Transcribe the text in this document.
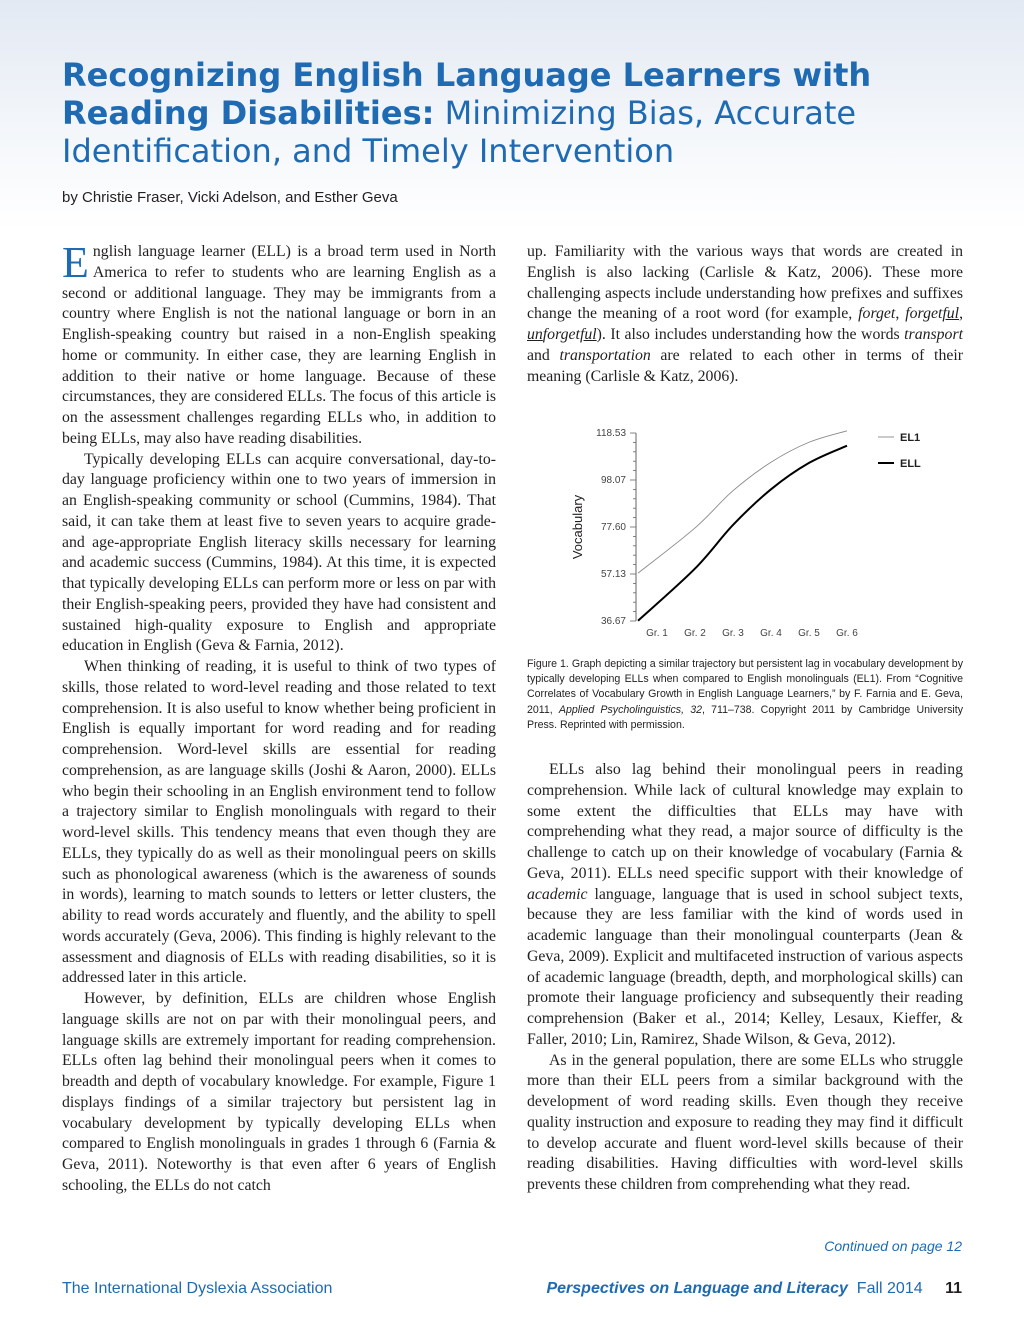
Recognizing English Language Learners with
Reading Disabilities: Minimizing Bias, Accurate
Identification, and Timely Intervention
by Christie Fraser, Vicki Adelson, and Esther Geva

English language learner (ELL) is a broad term used in North America to refer to students who are learning English as a second or additional language. They may be immigrants from a country where English is not the national language or born in an English-speaking country but raised in a non-English speaking home or community. In either case, they are learning English in addition to their native or home language. Because of these circumstances, they are considered ELLs. The focus of this article is on the assessment challenges regarding ELLs who, in addition to being ELLs, may also have reading disabilities.

Typically developing ELLs can acquire conversational, day-to-day language proficiency within one to two years of immersion in an English-speaking community or school (Cummins, 1984). That said, it can take them at least five to seven years to acquire grade- and age-appropriate English literacy skills necessary for learning and academic success (Cummins, 1984). At this time, it is expected that typically developing ELLs can perform more or less on par with their English-speaking peers, provided they have had consistent and sustained high-quality exposure to English and appropriate education in English (Geva & Farnia, 2012).

When thinking of reading, it is useful to think of two types of skills, those related to word-level reading and those related to text comprehension. It is also useful to know whether being proficient in English is equally important for word reading and for reading comprehension. Word-level skills are essential for reading comprehension, as are language skills (Joshi & Aaron, 2000). ELLs who begin their schooling in an English environment tend to follow a trajectory similar to English monolinguals with regard to their word-level skills. This tendency means that even though they are ELLs, they typically do as well as their monolingual peers on skills such as phonological awareness (which is the awareness of sounds in words), learning to match sounds to letters or letter clusters, the ability to read words accurately and fluently, and the ability to spell words accurately (Geva, 2006). This finding is highly relevant to the assessment and diagnosis of ELLs with reading disabilities, so it is addressed later in this article.

However, by definition, ELLs are children whose English language skills are not on par with their monolingual peers, and language skills are extremely important for reading comprehension. ELLs often lag behind their monolingual peers when it comes to breadth and depth of vocabulary knowledge. For example, Figure 1 displays findings of a similar trajectory but persistent lag in vocabulary development by typically developing ELLs when compared to English monolinguals in grades 1 through 6 (Farnia & Geva, 2011). Noteworthy is that even after 6 years of English schooling, the ELLs do not catch

up. Familiarity with the various ways that words are created in English is also lacking (Carlisle & Katz, 2006). These more challenging aspects include understanding how prefixes and suffixes change the meaning of a root word (for example, forget, forgetful, unforgetful). It also includes understanding how the words transport and transportation are related to each other in terms of their meaning (Carlisle & Katz, 2006).

118.53
98.07
77.60
57.13
36.67
Gr. 1 Gr. 2 Gr. 3 Gr. 4 Gr. 5 Gr. 6
Vocabulary
EL1
ELL
Figure 1. Graph depicting a similar trajectory but persistent lag in vocabulary development by typically developing ELLs when compared to English monolinguals (EL1). From “Cognitive Correlates of Vocabulary Growth in English Language Learners,” by F. Farnia and E. Geva, 2011, Applied Psycholinguistics, 32, 711–738. Copyright 2011 by Cambridge University Press. Reprinted with permission.

ELLs also lag behind their monolingual peers in reading comprehension. While lack of cultural knowledge may explain to some extent the difficulties that ELLs may have with comprehending what they read, a major source of difficulty is the challenge to catch up on their knowledge of vocabulary (Farnia & Geva, 2011). ELLs need specific support with their knowledge of academic language, language that is used in school subject texts, because they are less familiar with the kind of words used in academic language than their monolingual counterparts (Jean & Geva, 2009). Explicit and multifaceted instruction of various aspects of academic language (breadth, depth, and morphological skills) can promote their language proficiency and subsequently their reading comprehension (Baker et al., 2014; Kelley, Lesaux, Kieffer, & Faller, 2010; Lin, Ramirez, Shade Wilson, & Geva, 2012).

As in the general population, there are some ELLs who struggle more than their ELL peers from a similar background with the development of word reading skills. Even though they receive quality instruction and exposure to reading they may find it difficult to develop accurate and fluent word-level skills because of their reading disabilities. Having difficulties with word-level skills prevents these children from comprehending what they read.

Continued on page 12
The International Dyslexia Association	Perspectives on Language and Literacy Fall 2014 11
